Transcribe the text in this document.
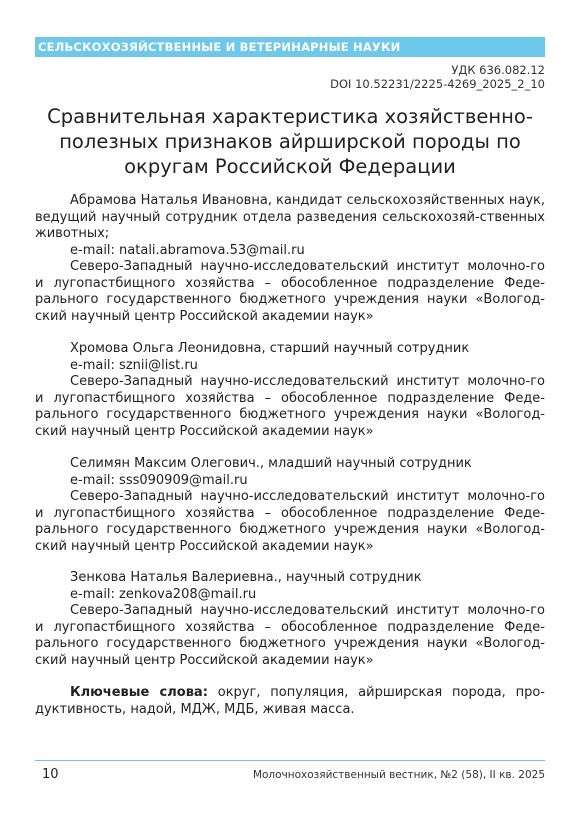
СЕЛЬСКОХОЗЯЙСТВЕННЫЕ И ВЕТЕРИНАРНЫЕ НАУКИ
УДК 636.082.12
DOI 10.52231/2225-4269_2025_2_10
Сравнительная характеристика хозяйственно-
полезных признаков айрширской породы по
округам Российской Федерации

Абрамова Наталья Ивановна, кандидат сельскохозяйственных наук, ведущий научный сотрудник отдела разведения сельскохозяй-ственных животных;

e-mail: natali.abramova.53@mail.ru

Северо-Западный научно-исследовательский институт молочно-го и лугопастбищного хозяйства – обособленное подразделение Феде-рального государственного бюджетного учреждения науки «Вологод-ский научный центр Российской академии наук»

Хромова Ольга Леонидовна, старший научный сотрудник

e-mail: sznii@list.ru

Северо-Западный научно-исследовательский институт молочно-го и лугопастбищного хозяйства – обособленное подразделение Феде-рального государственного бюджетного учреждения науки «Вологод-ский научный центр Российской академии наук»

Селимян Максим Олегович., младший научный сотрудник

e-mail: sss090909@mail.ru

Северо-Западный научно-исследовательский институт молочно-го и лугопастбищного хозяйства – обособленное подразделение Феде-рального государственного бюджетного учреждения науки «Вологод-ский научный центр Российской академии наук»

Зенкова Наталья Валериевна., научный сотрудник

e-mail: zenkova208@mail.ru

Северо-Западный научно-исследовательский институт молочно-го и лугопастбищного хозяйства – обособленное подразделение Феде-рального государственного бюджетного учреждения науки «Вологод-ский научный центр Российской академии наук»

Ключевые слова: округ, популяция, айрширская порода, про-дуктивность, надой, МДЖ, МДБ, живая масса.
10	Молочнохозяйственный вестник, №2 (58), II кв. 2025
